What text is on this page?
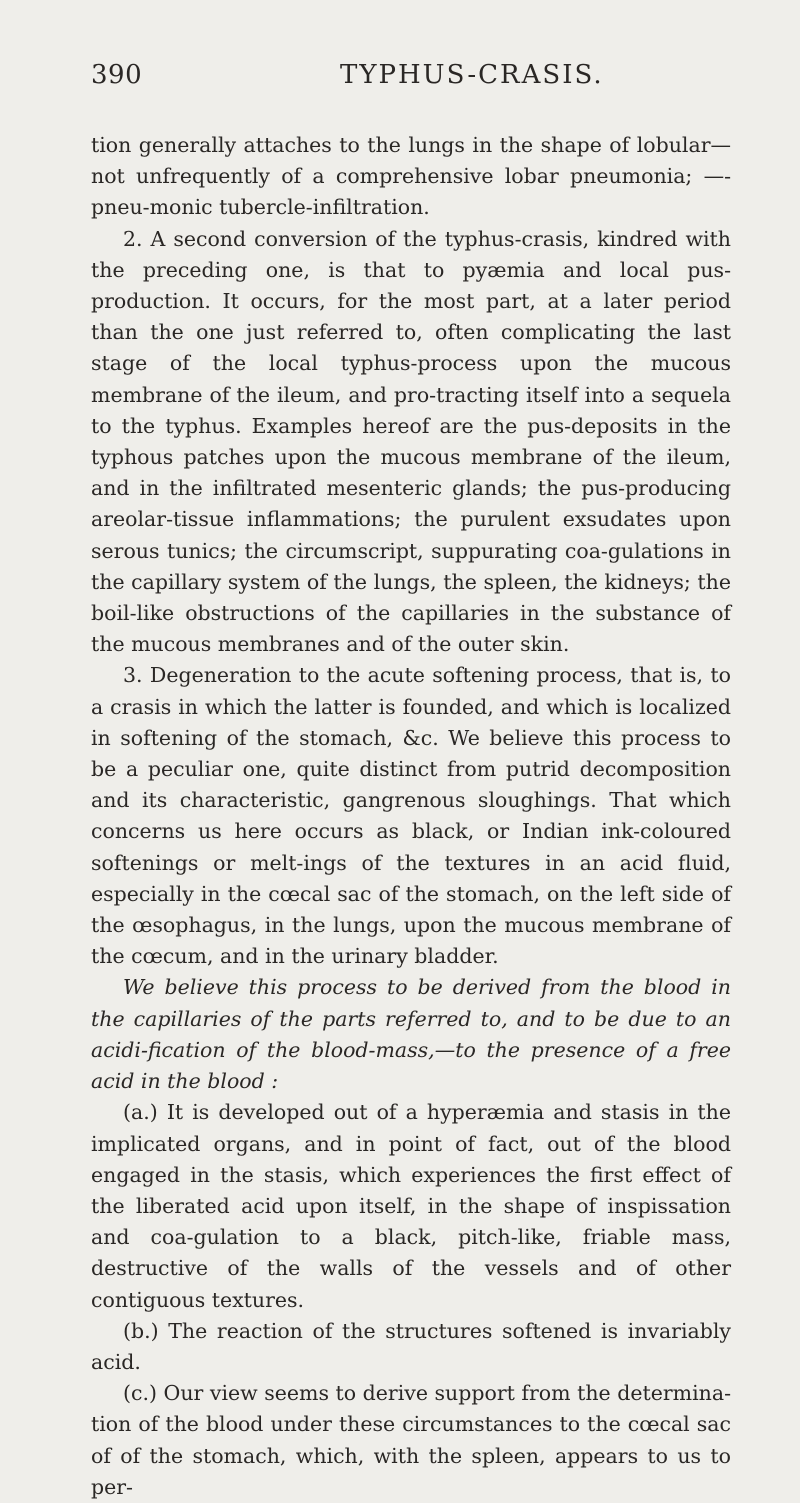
390	TYPHUS-CRASIS.

tion generally attaches to the lungs in the shape of lobular— not unfrequently of a comprehensive lobar pneumonia; —-pneu-monic tubercle-infiltration.

2. A second conversion of the typhus-crasis, kindred with the preceding one, is that to pyæmia and local pus-production. It occurs, for the most part, at a later period than the one just referred to, often complicating the last stage of the local typhus-process upon the mucous membrane of the ileum, and pro-tracting itself into a sequela to the typhus. Examples hereof are the pus-deposits in the typhous patches upon the mucous membrane of the ileum, and in the infiltrated mesenteric glands; the pus-producing areolar-tissue inflammations; the purulent exsudates upon serous tunics; the circumscript, suppurating coa-gulations in the capillary system of the lungs, the spleen, the kidneys; the boil-like obstructions of the capillaries in the substance of the mucous membranes and of the outer skin.

3. Degeneration to the acute softening process, that is, to a crasis in which the latter is founded, and which is localized in softening of the stomach, &c. We believe this process to be a peculiar one, quite distinct from putrid decomposition and its characteristic, gangrenous sloughings. That which concerns us here occurs as black, or Indian ink-coloured softenings or melt-ings of the textures in an acid fluid, especially in the cœcal sac of the stomach, on the left side of the œsophagus, in the lungs, upon the mucous membrane of the cœcum, and in the urinary bladder.

We believe this process to be derived from the blood in the capillaries of the parts referred to, and to be due to an acidi-fication of the blood-mass,—to the presence of a free acid in the blood :

(a.) It is developed out of a hyperæmia and stasis in the implicated organs, and in point of fact, out of the blood engaged in the stasis, which experiences the first effect of the liberated acid upon itself, in the shape of inspissation and coa-gulation to a black, pitch-like, friable mass, destructive of the walls of the vessels and of other contiguous textures.

(b.) The reaction of the structures softened is invariably acid.

(c.) Our view seems to derive support from the determina-tion of the blood under these circumstances to the cœcal sac of of the stomach, which, with the spleen, appears to us to per-
